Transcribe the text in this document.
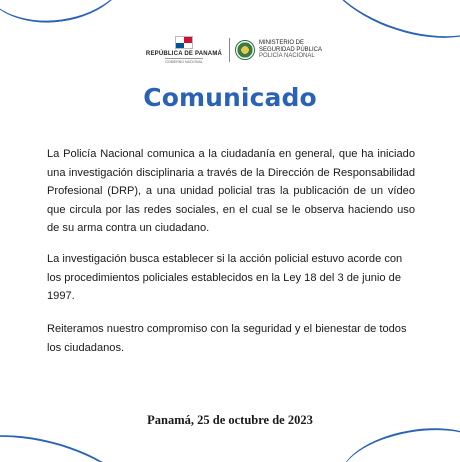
REPÚBLICA DE PANAMÁ
GOBIERNO NACIONAL
MINISTERIO DE
SEGURIDAD PÚBLICA
POLICÍA NACIONAL
Comunicado

La Policía Nacional comunica a la ciudadanía en general, que ha iniciado una investigación disciplinaria a través de la Dirección de Responsabilidad Profesional (DRP), a una unidad policial tras la publicación de un vídeo que circula por las redes sociales, en el cual se le observa haciendo uso de su arma contra un ciudadano.

La investigación busca establecer si la acción policial estuvo acorde con los procedimientos policiales establecidos en la Ley 18 del 3 de junio de 1997.

Reiteramos nuestro compromiso con la seguridad y el bienestar de todos los ciudadanos.

Panamá, 25 de octubre de 2023
